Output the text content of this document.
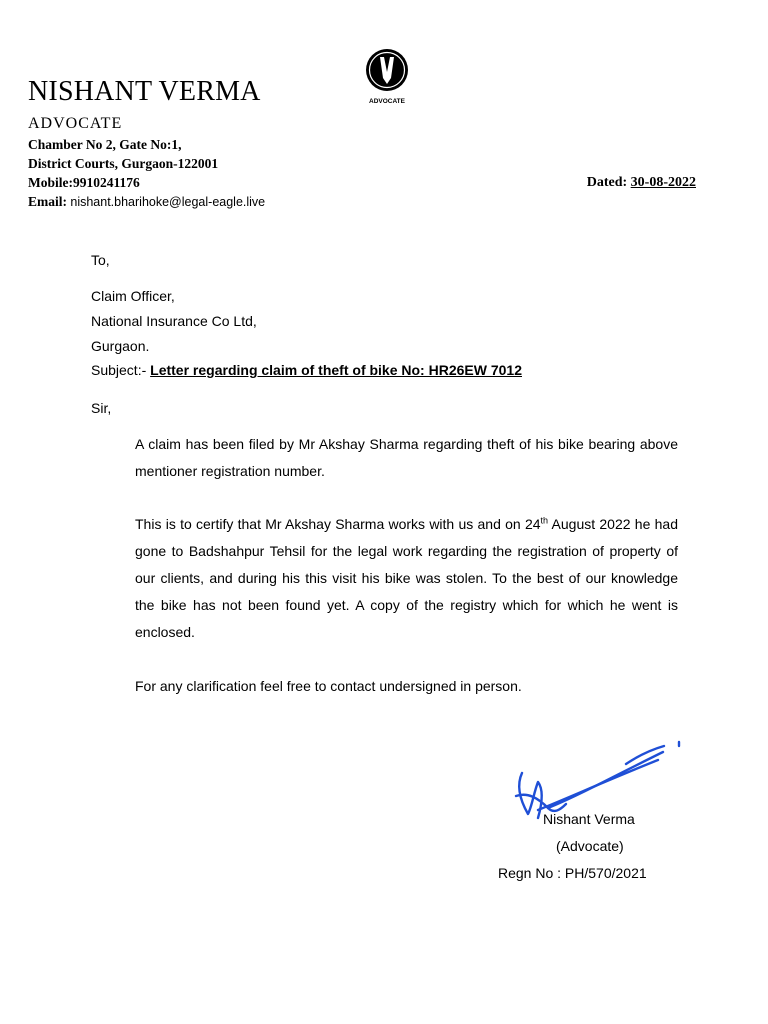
NISHANT VERMA
ADVOCATE
Chamber No 2, Gate No:1,
District Courts, Gurgaon-122001
Mobile:9910241176
Email: nishant.bharihoke@legal-eagle.live
ADVOCATE
Dated: 30-08-2022
To,
Claim Officer,
National Insurance Co Ltd,
Gurgaon.
Subject:- Letter regarding claim of theft of bike No: HR26EW 7012
Sir,

A claim has been filed by Mr Akshay Sharma regarding theft of his bike bearing above mentioner registration number.

This is to certify that Mr Akshay Sharma works with us and on 24th August 2022 he had gone to Badshahpur Tehsil for the legal work regarding the registration of property of our clients, and during his this visit his bike was stolen. To the best of our knowledge the bike has not been found yet. A copy of the registry which for which he went is enclosed.

For any clarification feel free to contact undersigned in person.

Nishant Verma
(Advocate)
Regn No : PH/570/2021
